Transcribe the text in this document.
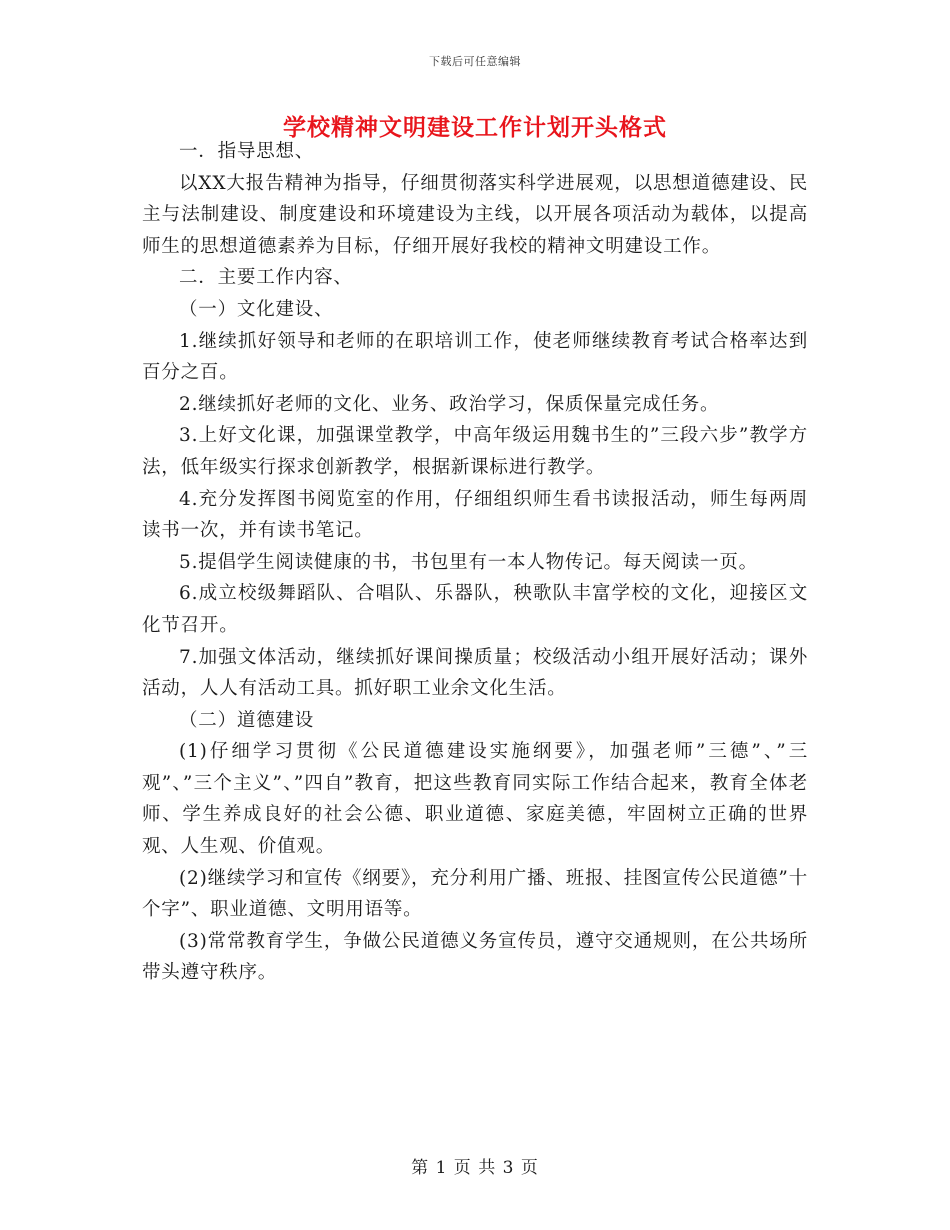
下载后可任意编辑
学校精神文明建设工作计划开头格式

一．指导思想、

以XX大报告精神为指导，仔细贯彻落实科学进展观，以思想道德建设、民主与法制建设、制度建设和环境建设为主线，以开展各项活动为载体，以提高师生的思想道德素养为目标，仔细开展好我校的精神文明建设工作。

二．主要工作内容、

（一）文化建设、

1.继续抓好领导和老师的在职培训工作，使老师继续教育考试合格率达到百分之百。

2.继续抓好老师的文化、业务、政治学习，保质保量完成任务。

3.上好文化课，加强课堂教学，中高年级运用魏书生的”三段六步”教学方法，低年级实行探求创新教学，根据新课标进行教学。

4.充分发挥图书阅览室的作用，仔细组织师生看书读报活动，师生每两周读书一次，并有读书笔记。

5.提倡学生阅读健康的书，书包里有一本人物传记。每天阅读一页。

6.成立校级舞蹈队、合唱队、乐器队，秧歌队丰富学校的文化，迎接区文化节召开。

7.加强文体活动，继续抓好课间操质量；校级活动小组开展好活动；课外活动，人人有活动工具。抓好职工业余文化生活。

（二）道德建设

(1)仔细学习贯彻《公民道德建设实施纲要》，加强老师”三德”、”三观”、”三个主义”、”四自”教育，把这些教育同实际工作结合起来，教育全体老师、学生养成良好的社会公德、职业道德、家庭美德，牢固树立正确的世界观、人生观、价值观。

(2)继续学习和宣传《纲要》，充分利用广播、班报、挂图宣传公民道德”十个字”、职业道德、文明用语等。

(3)常常教育学生，争做公民道德义务宣传员，遵守交通规则，在公共场所带头遵守秩序。

第 1 页 共 3 页
